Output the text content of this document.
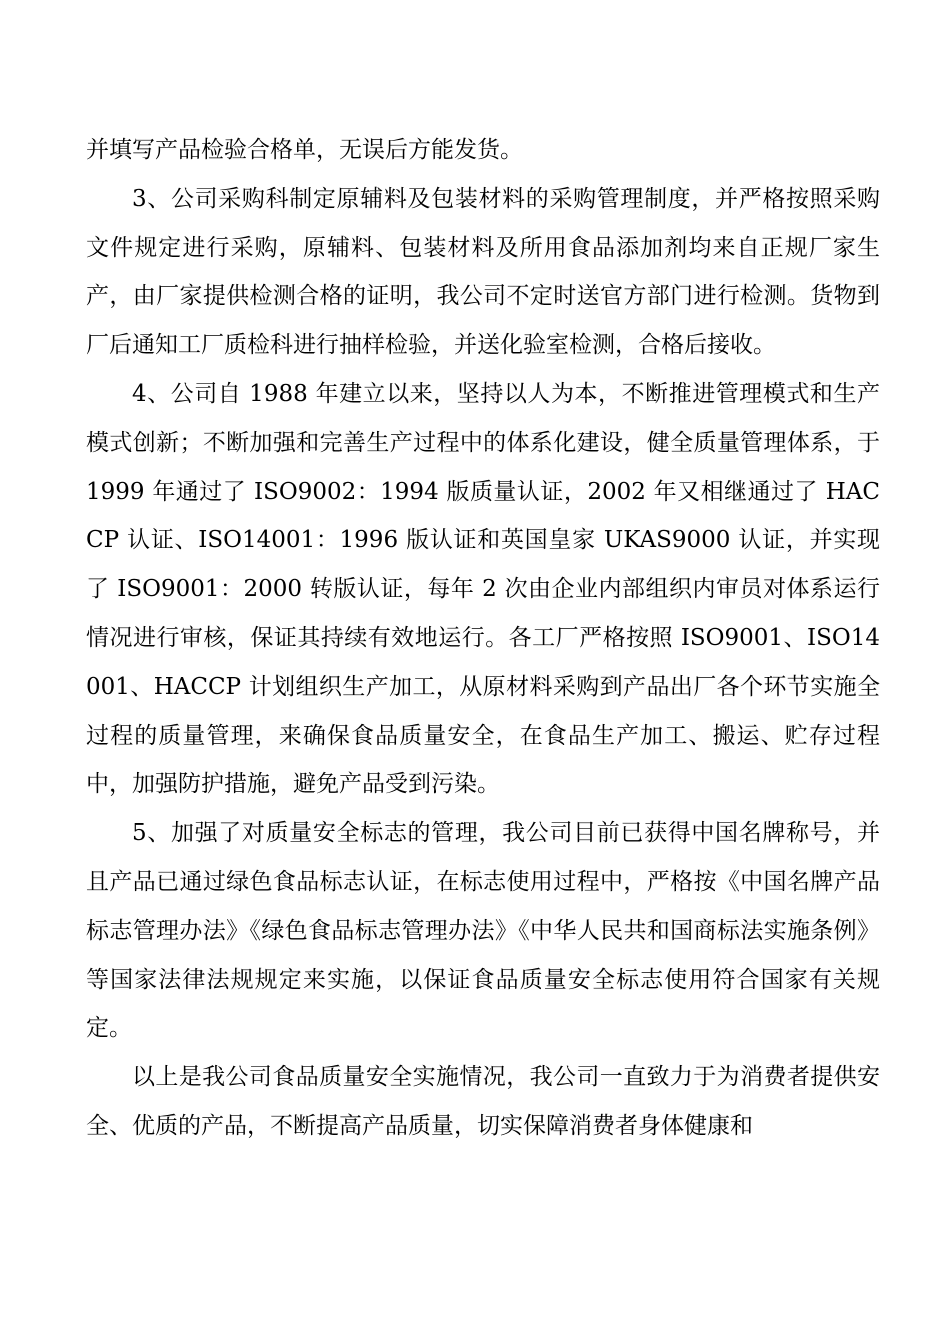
并填写产品检验合格单，无误后方能发货。

3、公司采购科制定原辅料及包装材料的采购管理制度，并严格按照采购文件规定进行采购，原辅料、包装材料及所用食品添加剂均来自正规厂家生产，由厂家提供检测合格的证明，我公司不定时送官方部门进行检测。货物到厂后通知工厂质检科进行抽样检验，并送化验室检测，合格后接收。

4、公司自 1988 年建立以来，坚持以人为本，不断推进管理模式和生产模式创新；不断加强和完善生产过程中的体系化建设，健全质量管理体系，于 1999 年通过了 ISO9002：1994 版质量认证，2002 年又相继通过了 HACCP 认证、ISO14001：1996 版认证和英国皇家 UKAS9000 认证，并实现了 ISO9001：2000 转版认证，每年 2 次由企业内部组织内审员对体系运行情况进行审核，保证其持续有效地运行。各工厂严格按照 ISO9001、ISO14001、HACCP 计划组织生产加工，从原材料采购到产品出厂各个环节实施全过程的质量管理，来确保食品质量安全，在食品生产加工、搬运、贮存过程中，加强防护措施，避免产品受到污染。

5、加强了对质量安全标志的管理，我公司目前已获得中国名牌称号，并且产品已通过绿色食品标志认证，在标志使用过程中，严格按《中国名牌产品标志管理办法》《绿色食品标志管理办法》《中华人民共和国商标法实施条例》等国家法律法规规定来实施，以保证食品质量安全标志使用符合国家有关规定。

以上是我公司食品质量安全实施情况，我公司一直致力于为消费者提供安全、优质的产品，不断提高产品质量，切实保障消费者身体健康和
